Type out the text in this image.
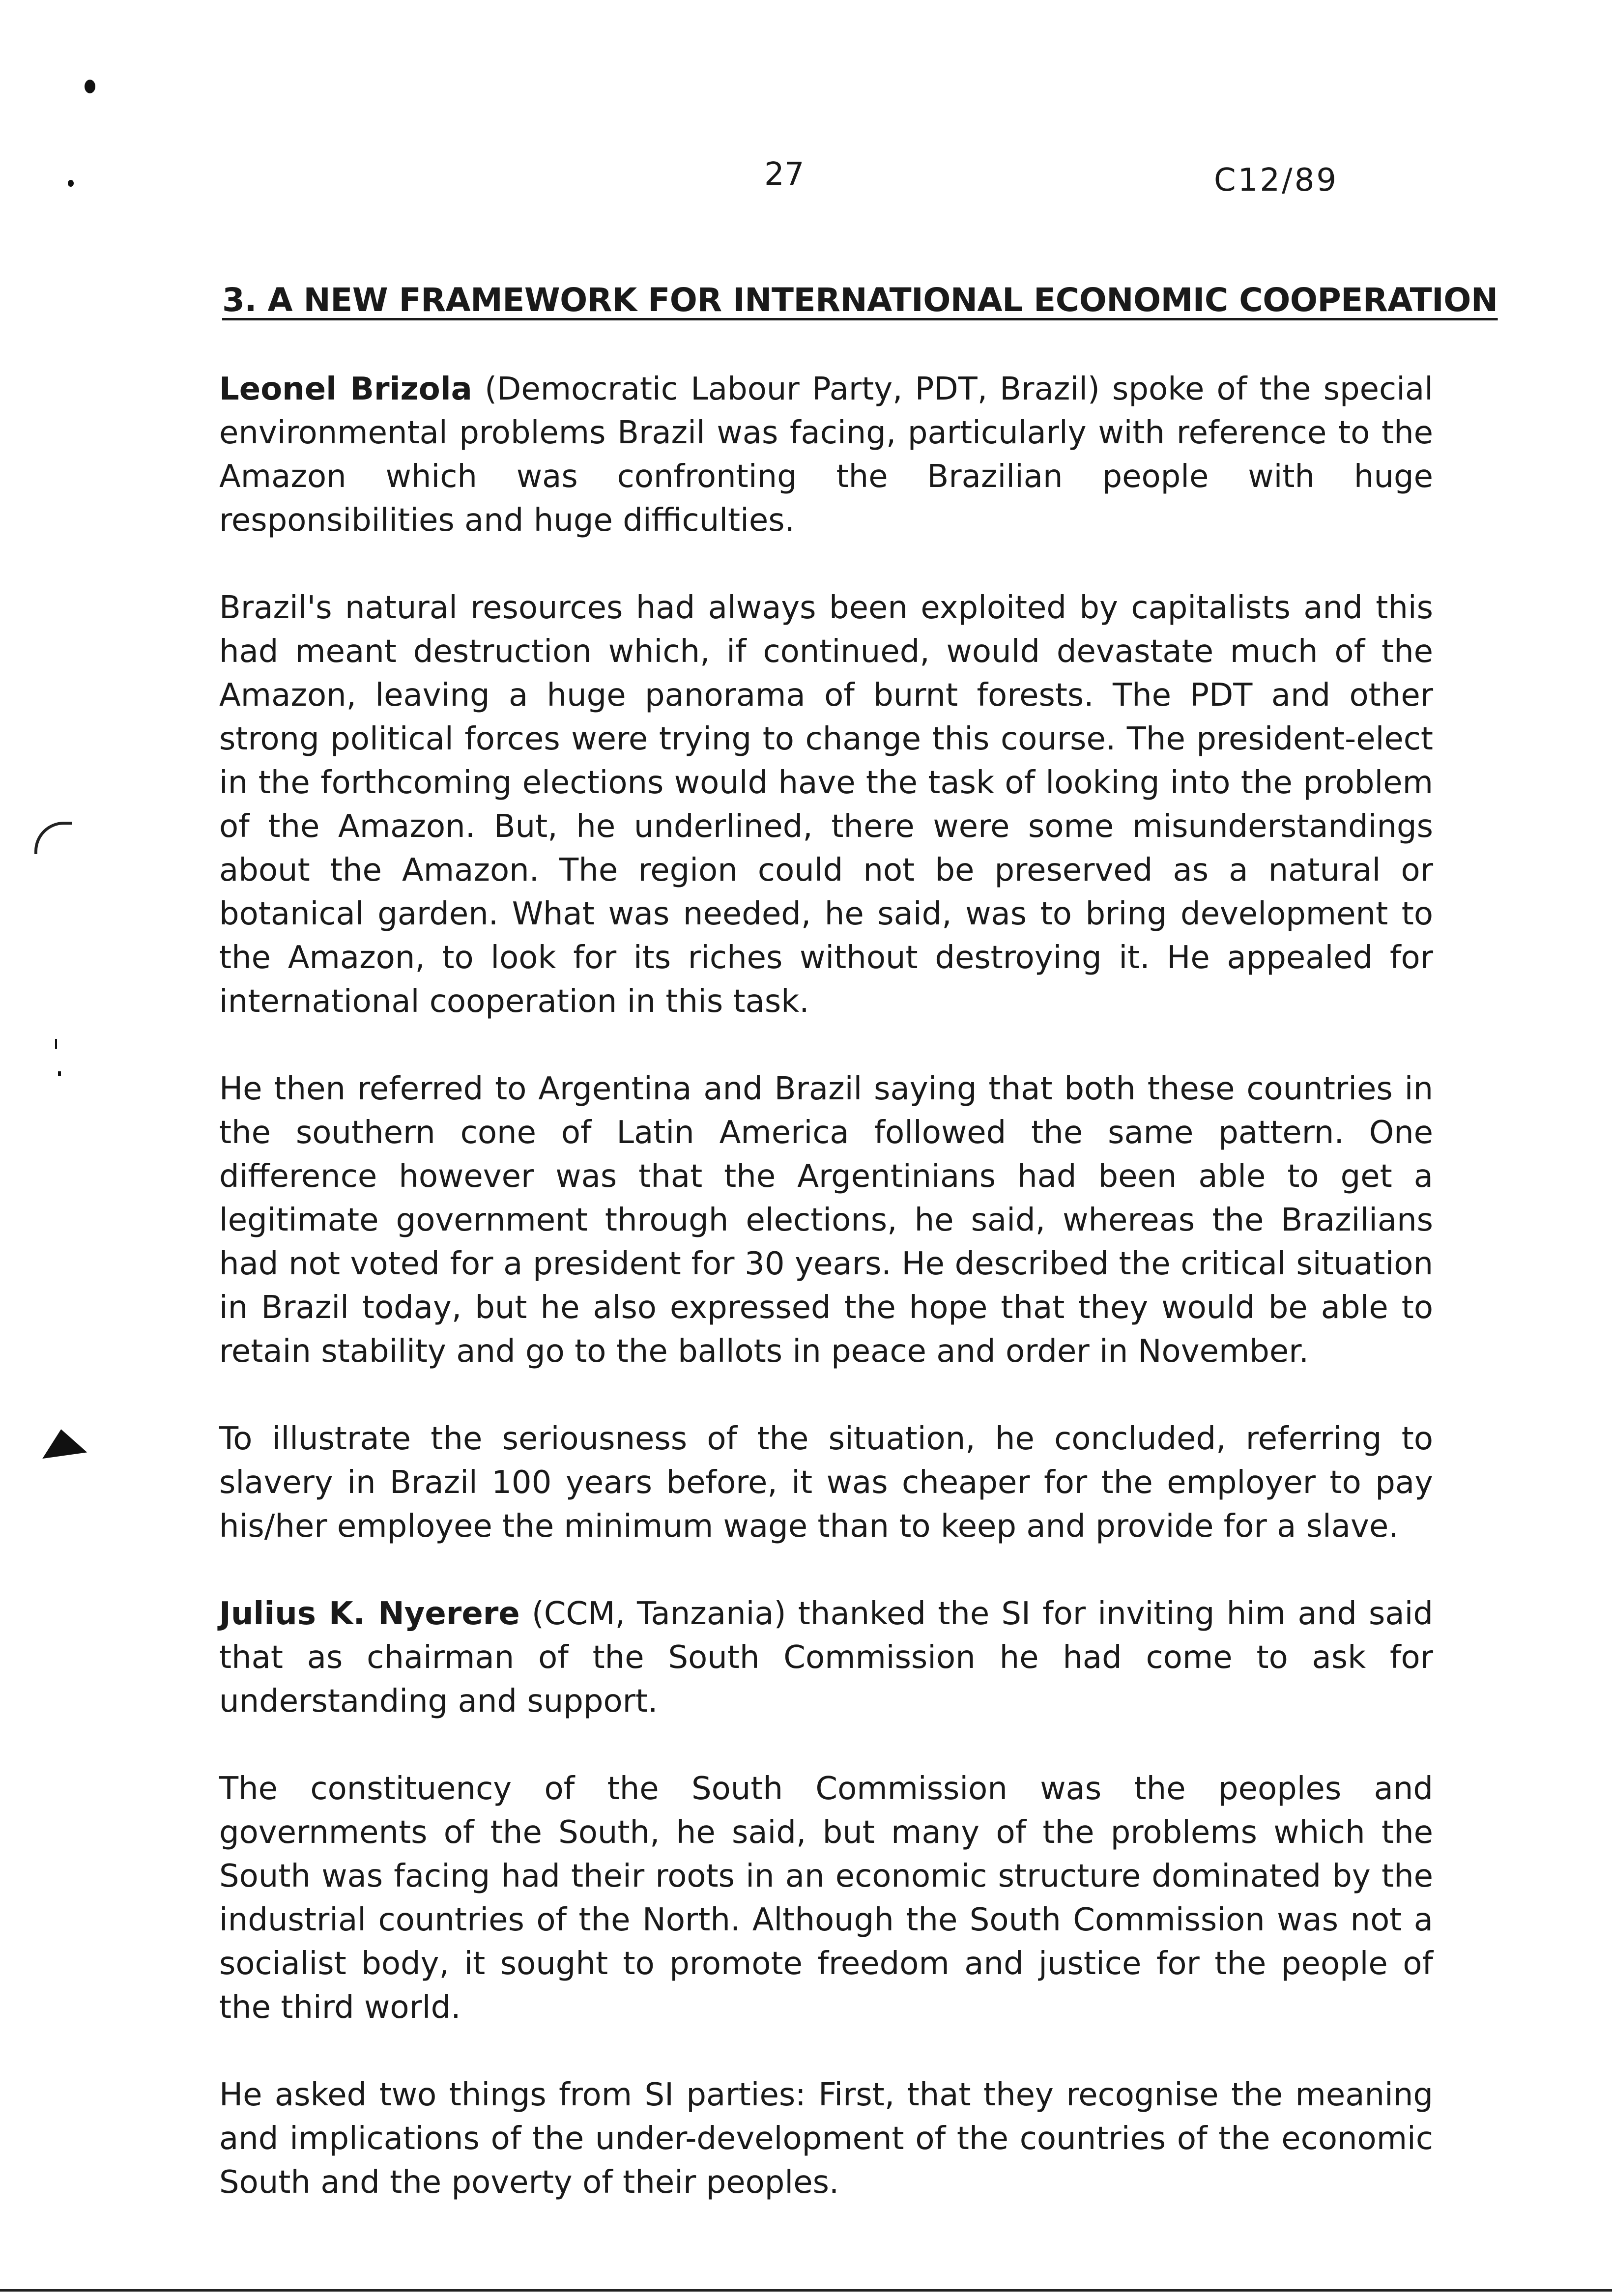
27	C12/89
3. A NEW FRAMEWORK FOR INTERNATIONAL ECONOMIC COOPERATION

Leonel Brizola (Democratic Labour Party, PDT, Brazil) spoke of the special environmental problems Brazil was facing, particularly with reference to the Amazon which was confronting the Brazilian people with huge responsibilities and huge difficulties.

Brazil's natural resources had always been exploited by capitalists and this had meant destruction which, if continued, would devastate much of the Amazon, leaving a huge panorama of burnt forests. The PDT and other strong political forces were trying to change this course. The president-elect in the forthcoming elections would have the task of looking into the problem of the Amazon. But, he underlined, there were some misunderstandings about the Amazon. The region could not be preserved as a natural or botanical garden. What was needed, he said, was to bring development to the Amazon, to look for its riches without destroying it. He appealed for international cooperation in this task.

He then referred to Argentina and Brazil saying that both these countries in the southern cone of Latin America followed the same pattern. One difference however was that the Argentinians had been able to get a legitimate government through elections, he said, whereas the Brazilians had not voted for a president for 30 years. He described the critical situation in Brazil today, but he also expressed the hope that they would be able to retain stability and go to the ballots in peace and order in November.

To illustrate the seriousness of the situation, he concluded, referring to slavery in Brazil 100 years before, it was cheaper for the employer to pay his/her employee the minimum wage than to keep and provide for a slave.

Julius K. Nyerere (CCM, Tanzania) thanked the SI for inviting him and said that as chairman of the South Commission he had come to ask for understanding and support.

The constituency of the South Commission was the peoples and governments of the South, he said, but many of the problems which the South was facing had their roots in an economic structure dominated by the industrial countries of the North. Although the South Commission was not a socialist body, it sought to promote freedom and justice for the people of the third world.

He asked two things from SI parties: First, that they recognise the meaning and implications of the under-development of the countries of the economic South and the poverty of their peoples.
